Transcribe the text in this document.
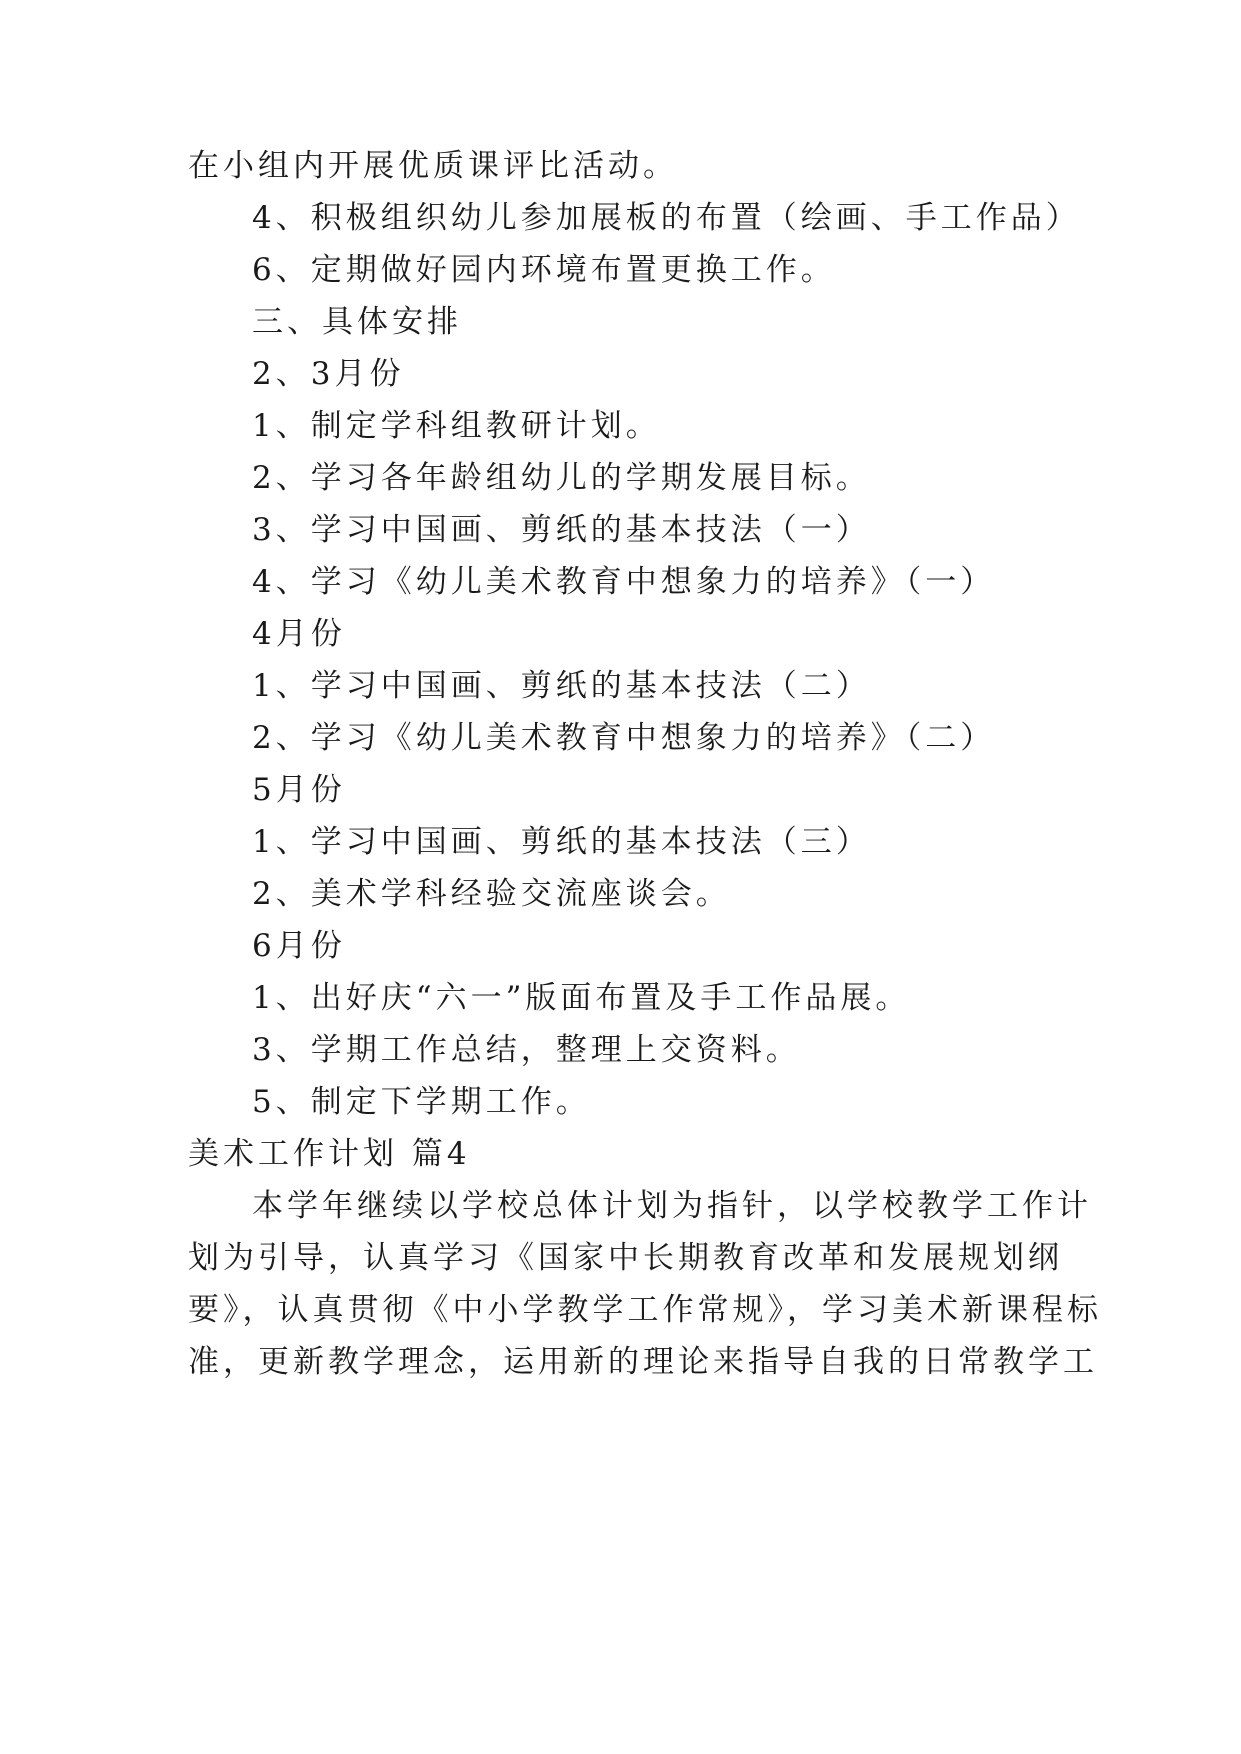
在小组内开展优质课评比活动。
4、积极组织幼儿参加展板的布置（绘画、手工作品）
6、定期做好园内环境布置更换工作。
三、具体安排
2、3月份
1、制定学科组教研计划。
2、学习各年龄组幼儿的学期发展目标。
3、学习中国画、剪纸的基本技法（一）
4、学习《幼儿美术教育中想象力的培养》（一）
4月份
1、学习中国画、剪纸的基本技法（二）
2、学习《幼儿美术教育中想象力的培养》（二）
5月份
1、学习中国画、剪纸的基本技法（三）
2、美术学科经验交流座谈会。
6月份
1、出好庆“六一”版面布置及手工作品展。
3、学期工作总结，整理上交资料。
5、制定下学期工作。
美术工作计划 篇4
本学年继续以学校总体计划为指针，以学校教学工作计
划为引导，认真学习《国家中长期教育改革和发展规划纲
要》，认真贯彻《中小学教学工作常规》，学习美术新课程标
准，更新教学理念，运用新的理论来指导自我的日常教学工
